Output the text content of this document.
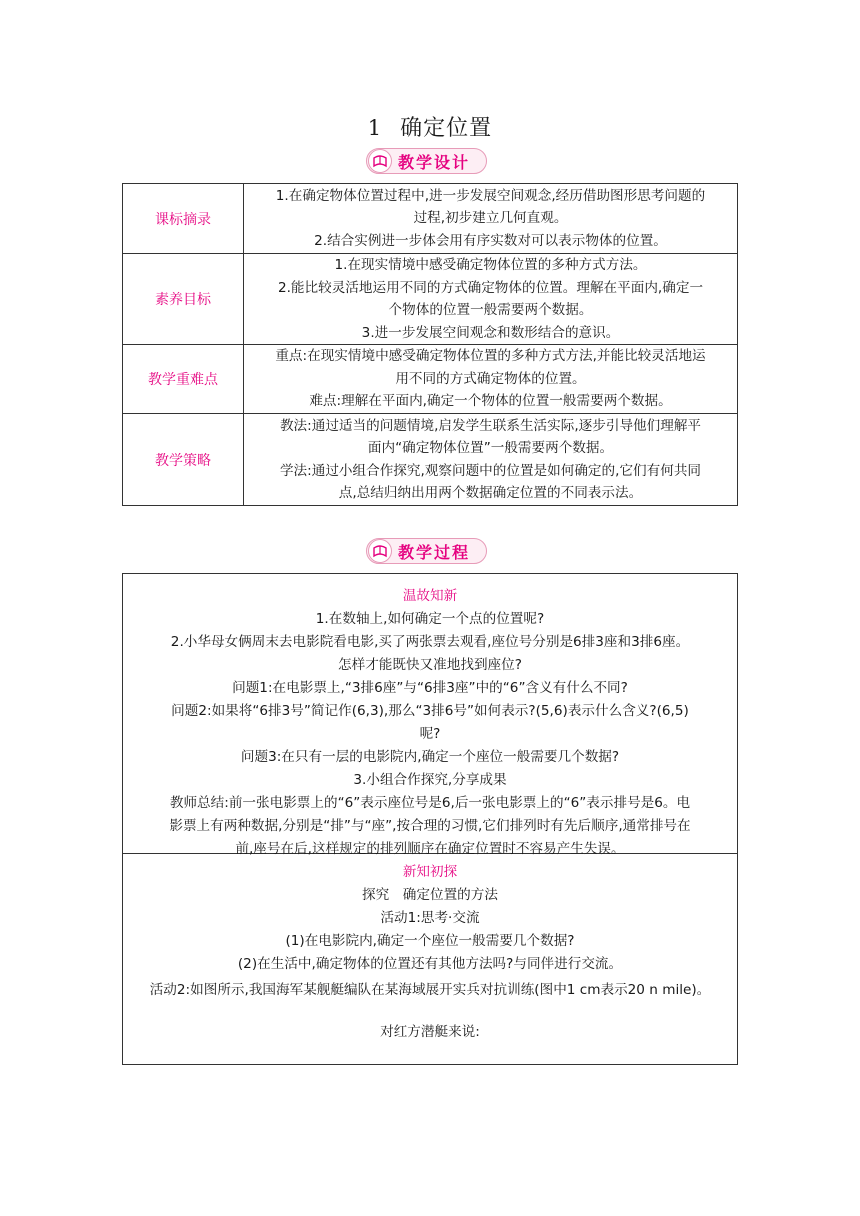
1 确定位置
教学设计
课标摘录	1.在确定物体位置过程中,进一步发展空间观念,经历借助图形思考问题的
过程,初步建立几何直观。
2.结合实例进一步体会用有序实数对可以表示物体的位置。

素养目标	1.在现实情境中感受确定物体位置的多种方式方法。
2.能比较灵活地运用不同的方式确定物体的位置。理解在平面内,确定一
个物体的位置一般需要两个数据。
3.进一步发展空间观念和数形结合的意识。

教学重难点	重点:在现实情境中感受确定物体位置的多种方式方法,并能比较灵活地运
用不同的方式确定物体的位置。
难点:理解在平面内,确定一个物体的位置一般需要两个数据。

教学策略	教法:通过适当的问题情境,启发学生联系生活实际,逐步引导他们理解平
面内“确定物体位置”一般需要两个数据。
学法:通过小组合作探究,观察问题中的位置是如何确定的,它们有何共同
点,总结归纳出用两个数据确定位置的不同表示法。
教学过程
温故知新
1.在数轴上,如何确定一个点的位置呢?
2.小华母女俩周末去电影院看电影,买了两张票去观看,座位号分别是6排3座和3排6座。
怎样才能既快又准地找到座位?
问题1:在电影票上,“3排6座”与“6排3座”中的“6”含义有什么不同?
问题2:如果将“6排3号”简记作(6,3),那么“3排6号”如何表示?(5,6)表示什么含义?(6,5)
呢?
问题3:在只有一层的电影院内,确定一个座位一般需要几个数据?
3.小组合作探究,分享成果
教师总结:前一张电影票上的“6”表示座位号是6,后一张电影票上的“6”表示排号是6。电
影票上有两种数据,分别是“排”与“座”,按合理的习惯,它们排列时有先后顺序,通常排号在
前,座号在后,这样规定的排列顺序在确定位置时不容易产生失误。
新知初探
探究　确定位置的方法
活动1:思考·交流
(1)在电影院内,确定一个座位一般需要几个数据?
(2)在生活中,确定物体的位置还有其他方法吗?与同伴进行交流。
活动2:如图所示,我国海军某舰艇编队在某海域展开实兵对抗训练(图中1 cm表示20 n mile)。
对红方潜艇来说:
